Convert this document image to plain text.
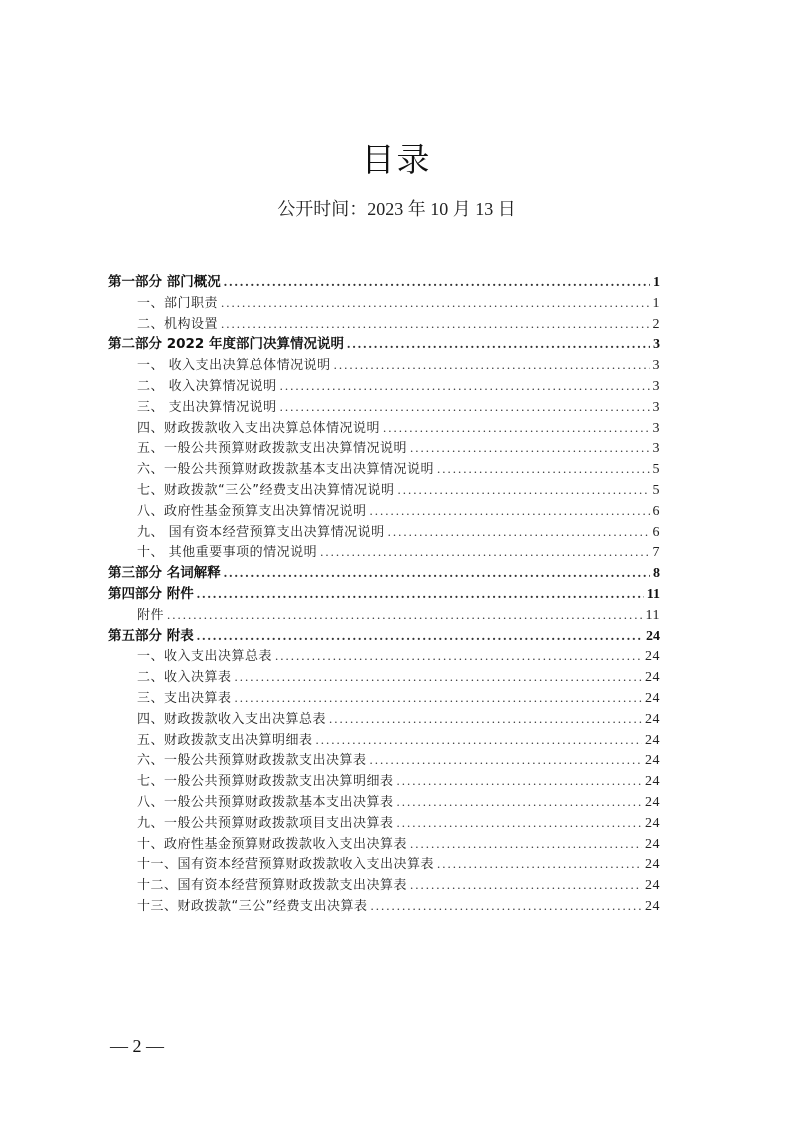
目录
公开时间：2023 年 10 月 13 日
第一部分 部门概况 .....	1
一、部门职责 .....	1
二、机构设置 .....	2
第二部分 2022 年度部门决算情况说明 .....	3
一、 收入支出决算总体情况说明 .....	3
二、 收入决算情况说明 .....	3
三、 支出决算情况说明 .....	3
四、财政拨款收入支出决算总体情况说明 .....	3
五、一般公共预算财政拨款支出决算情况说明 .....	3
六、一般公共预算财政拨款基本支出决算情况说明 .....	5
七、财政拨款“三公”经费支出决算情况说明 .....	5
八、政府性基金预算支出决算情况说明 .....	6
九、 国有资本经营预算支出决算情况说明 .....	6
十、 其他重要事项的情况说明 .....	7
第三部分 名词解释 .....	8
第四部分 附件 .....	11
附件 .....	11
第五部分 附表 .....	24
一、收入支出决算总表 .....	24
二、收入决算表 .....	24
三、支出决算表 .....	24
四、财政拨款收入支出决算总表 .....	24
五、财政拨款支出决算明细表 .....	24
六、一般公共预算财政拨款支出决算表 .....	24
七、一般公共预算财政拨款支出决算明细表 .....	24
八、一般公共预算财政拨款基本支出决算表 .....	24
九、一般公共预算财政拨款项目支出决算表 .....	24
十、政府性基金预算财政拨款收入支出决算表 .....	24
十一、国有资本经营预算财政拨款收入支出决算表 .....	24
十二、国有资本经营预算财政拨款支出决算表 .....	24
十三、财政拨款“三公”经费支出决算表 .....	24
— 2 —
